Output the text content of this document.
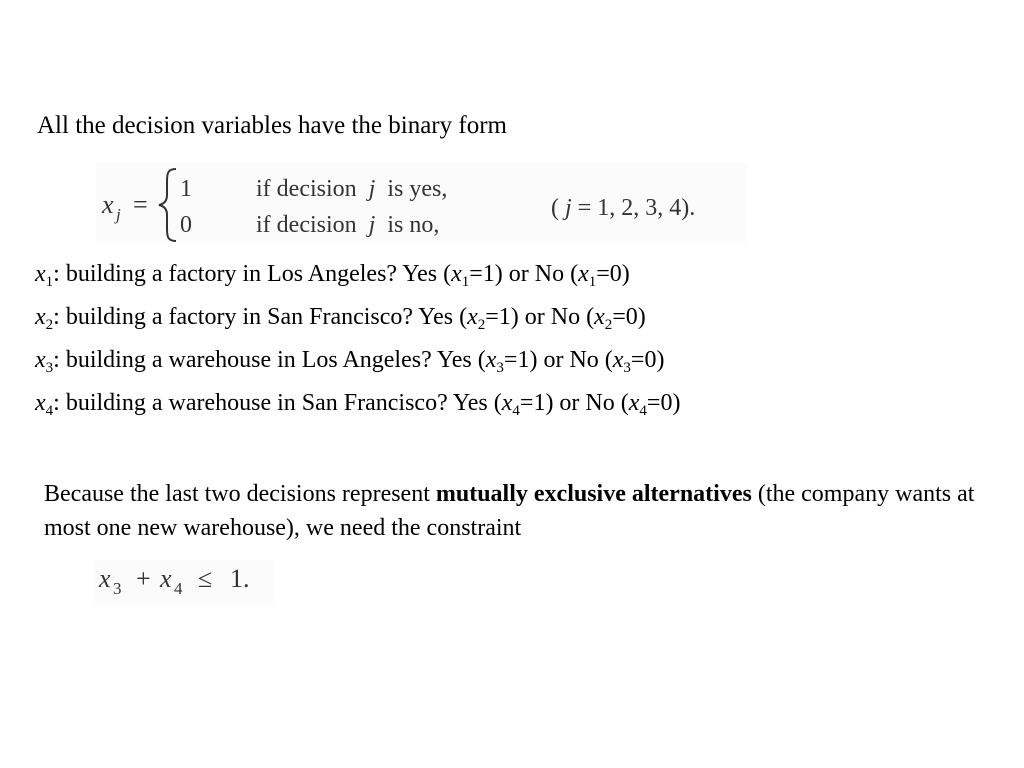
All the decision variables have the binary form
x j =
1
0
if decision j is yes,
if decision j is no,
( j = 1, 2, 3, 4).
$x_1$: building a factory in Los Angeles? Yes $(x_1=1)$ or No $(x_1=0)$
$x_2$: building a factory in San Francisco? Yes $(x_2=1)$ or No $(x_2=0)$
$x_3$: building a warehouse in Los Angeles? Yes $(x_3=1)$ or No $(x_3=0)$
$x_4$: building a warehouse in San Francisco? Yes $(x_4=1)$ or No $(x_4=0)$
Because the last two decisions represent mutually exclusive alternatives (the company wants at most one new warehouse), we need the constraint
x 3 + x 4 ≤ 1.
